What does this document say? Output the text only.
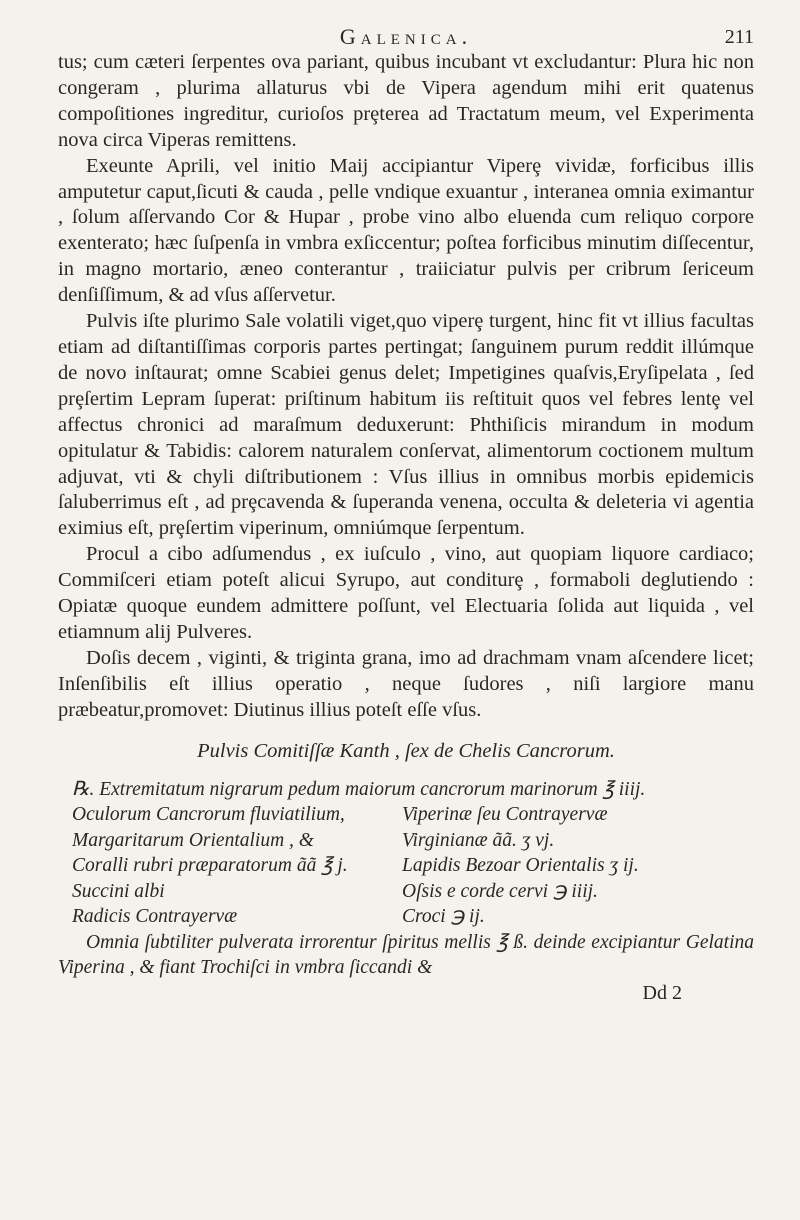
Galenica.	211

tus; cum cæteri ſerpentes ova pariant, quibus incubant vt excludantur: Plura hic non congeram , plurima allaturus vbi de Vipera agendum mihi erit quatenus compoſitiones ingreditur, curioſos prȩterea ad Tractatum meum, vel Experimenta nova circa Viperas remittens.

Exeunte Aprili, vel initio Maij accipiantur Viperȩ vividæ, forficibus illis amputetur caput,ſicuti & cauda , pelle vndique exuantur , interanea omnia eximantur , ſolum aſſervando Cor & Hupar , probe vino albo eluenda cum reliquo corpore exenterato; hæc ſuſpenſa in vmbra exſiccentur; poſtea forficibus minutim diſſecentur, in magno mortario, æneo conterantur , traiiciatur pulvis per cribrum ſericeum denſiſſimum, & ad vſus aſſervetur.

Pulvis iſte plurimo Sale volatili viget,quo viperȩ turgent, hinc fit vt illius facultas etiam ad diſtantiſſimas corporis partes pertingat; ſanguinem purum reddit illúmque de novo inſtaurat; omne Scabiei genus delet; Impetigines quaſvis,Eryſipelata , ſed prȩſertim Lepram ſuperat: priſtinum habitum iis reſtituit quos vel febres lentȩ vel affectus chronici ad maraſmum deduxerunt: Phthiſicis mirandum in modum opitulatur & Tabidis: calorem naturalem conſervat, alimentorum coctionem multum adjuvat, vti & chyli diſtributionem : Vſus illius in omnibus morbis epidemicis ſaluberrimus eſt , ad prȩcavenda & ſuperanda venena, occulta & deleteria vi agentia eximius eſt, prȩſertim viperinum, omniúmque ſerpentum.

Procul a cibo adſumendus , ex iuſculo , vino, aut quopiam liquore cardiaco; Commiſceri etiam poteſt alicui Syrupo, aut conditurȩ , formaboli deglutiendo : Opiatæ quoque eundem admittere poſſunt, vel Electuaria ſolida aut liquida , vel etiamnum alij Pulveres.

Doſis decem , viginti, & triginta grana, imo ad drachmam vnam aſcendere licet; Inſenſibilis eſt illius operatio , neque ſudores , niſi largiore manu præbeatur,promovet: Diutinus illius poteſt eſſe vſus.

Pulvis Comitiſſæ Kanth , ſex de Chelis Cancrorum.
℞. Extremitatum nigrarum pedum maiorum cancrorum marinorum ℥ iiij.
Oculorum Cancrorum fluviatilium,	Viperinæ ſeu Contrayervæ
Margaritarum Orientalium , &	Virginianæ ãã. ʒ vj.
Coralli rubri præparatorum ãã ℥ j.	Lapidis Bezoar Orientalis ʒ ij.
Succini albi	Oſsis e corde cervi ℈ iiij.
Radicis Contrayervæ	Croci ℈ ij.
Omnia ſubtiliter pulverata irrorentur ſpiritus mellis ℥ ß. deinde excipiantur Gelatina Viperina , & fiant Trochiſci in vmbra ſiccandi &
Dd 2
